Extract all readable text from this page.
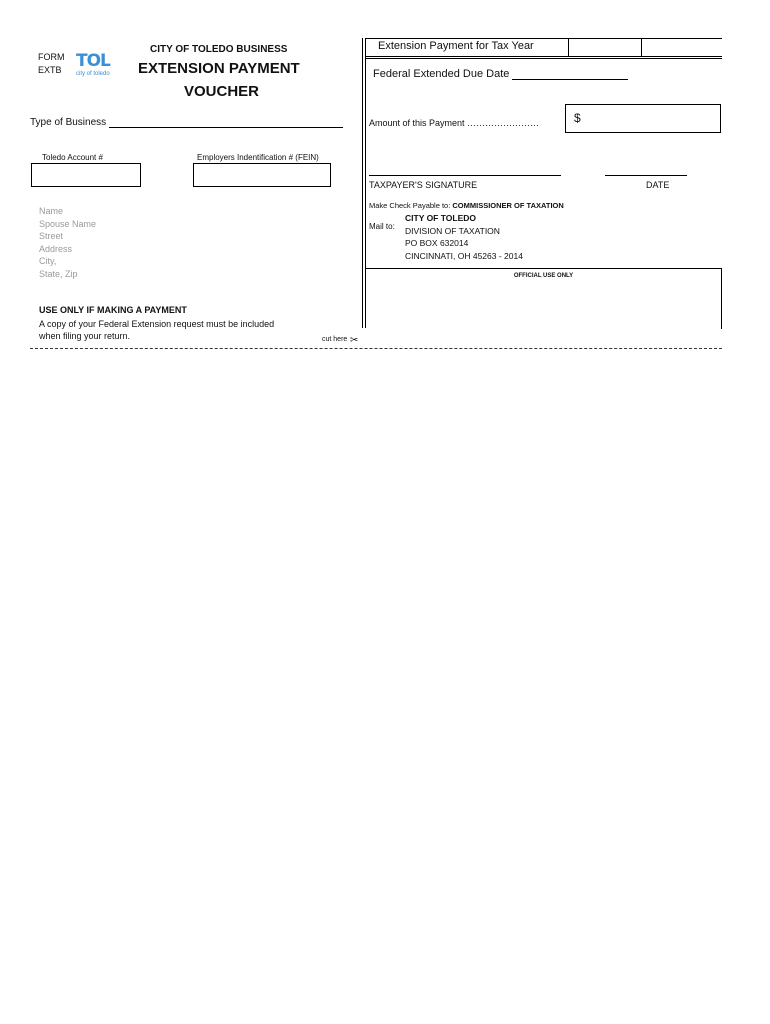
FORM
EXTB TOL
city of toledo
CITY OF TOLEDO BUSINESS
EXTENSION PAYMENT
VOUCHER
Type of Business
Toledo Account #	Employers Indentification # (FEIN)
Name
Spouse Name
Street
Address
City,
State, Zip
USE ONLY IF MAKING A PAYMENT
A copy of your Federal Extension request must be included
when filing your return.	cut here ✂
Extension Payment for Tax Year
Federal Extended Due Date
Amount of this Payment ……………………	$
TAXPAYER'S SIGNATURE	DATE
Make Check Payable to: COMMISSIONER OF TAXATION
Mail to:
CITY OF TOLEDO
DIVISION OF TAXATION
PO BOX 632014
CINCINNATI, OH 45263 - 2014
OFFICIAL USE ONLY
